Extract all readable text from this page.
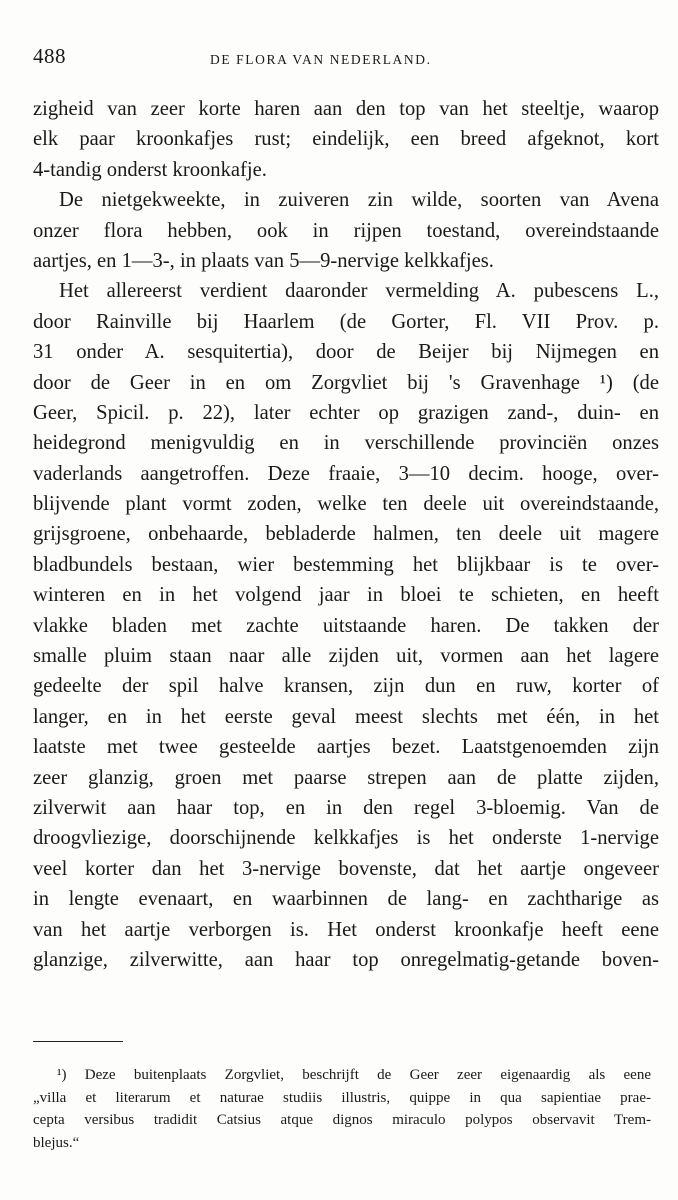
488	DE FLORA VAN NEDERLAND.
zigheid van zeer korte haren aan den top van het steeltje, waarop
elk paar kroonkafjes rust; eindelijk, een breed afgeknot, kort
4-tandig onderst kroonkafje.
De nietgekweekte, in zuiveren zin wilde, soorten van Avena
onzer flora hebben, ook in rijpen toestand, overeindstaande
aartjes, en 1—3-, in plaats van 5—9-nervige kelkkafjes.
Het allereerst verdient daaronder vermelding A. pubescens L.,
door Rainville bij Haarlem (de Gorter, Fl. VII Prov. p.
31 onder A. sesquitertia), door de Beijer bij Nijmegen en
door de Geer in en om Zorgvliet bij 's Gravenhage ¹) (de
Geer, Spicil. p. 22), later echter op grazigen zand-, duin- en
heidegrond menigvuldig en in verschillende provinciën onzes
vaderlands aangetroffen. Deze fraaie, 3—10 decim. hooge, over-
blijvende plant vormt zoden, welke ten deele uit overeindstaande,
grijsgroene, onbehaarde, bebladerde halmen, ten deele uit magere
bladbundels bestaan, wier bestemming het blijkbaar is te over-
winteren en in het volgend jaar in bloei te schieten, en heeft
vlakke bladen met zachte uitstaande haren. De takken der
smalle pluim staan naar alle zijden uit, vormen aan het lagere
gedeelte der spil halve kransen, zijn dun en ruw, korter of
langer, en in het eerste geval meest slechts met één, in het
laatste met twee gesteelde aartjes bezet. Laatstgenoemden zijn
zeer glanzig, groen met paarse strepen aan de platte zijden,
zilverwit aan haar top, en in den regel 3-bloemig. Van de
droogvliezige, doorschijnende kelkkafjes is het onderste 1-nervige
veel korter dan het 3-nervige bovenste, dat het aartje ongeveer
in lengte evenaart, en waarbinnen de lang- en zachtharige as
van het aartje verborgen is. Het onderst kroonkafje heeft eene
glanzige, zilverwitte, aan haar top onregelmatig-getande boven-
¹) Deze buitenplaats Zorgvliet, beschrijft de Geer zeer eigenaardig als eene
„villa et literarum et naturae studiis illustris, quippe in qua sapientiae prae-
cepta versibus tradidit Catsius atque dignos miraculo polypos observavit Trem-
blejus.“
